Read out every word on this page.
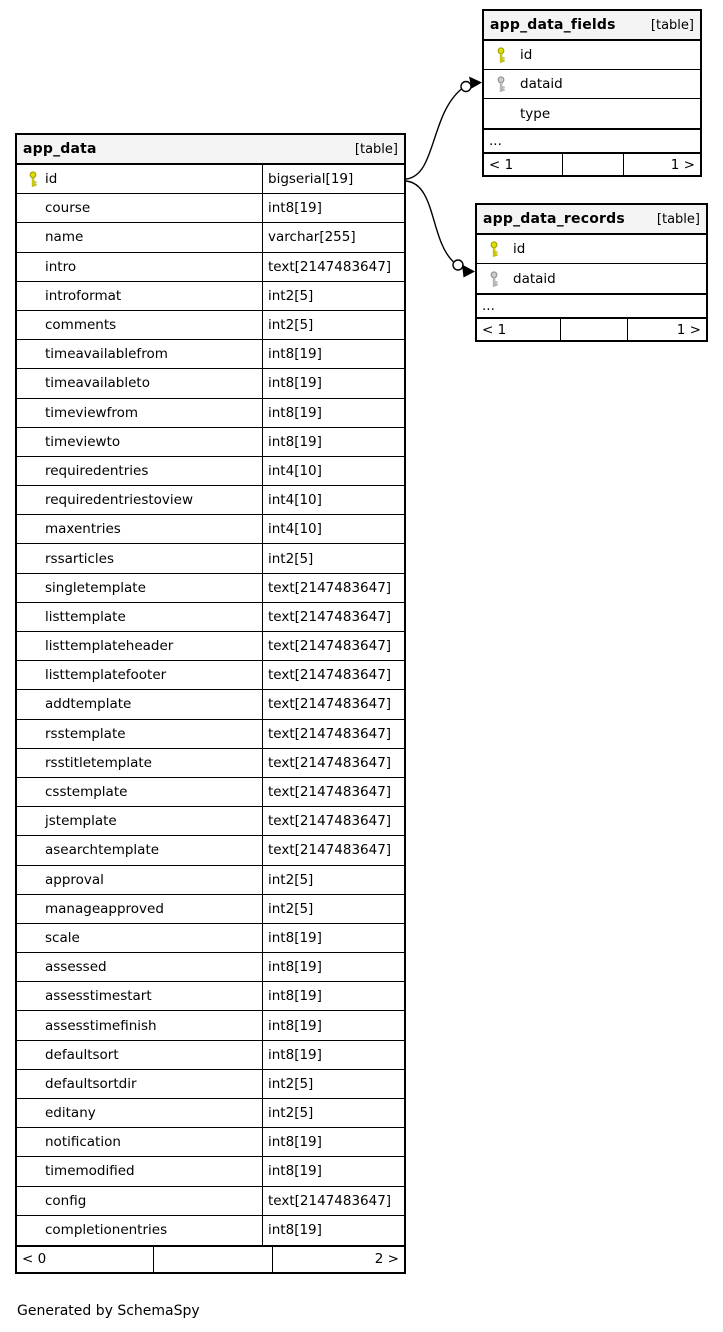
app_data	[table]
id	bigserial[19]
course	int8[19]
name	varchar[255]
intro	text[2147483647]
introformat	int2[5]
comments	int2[5]
timeavailablefrom	int8[19]
timeavailableto	int8[19]
timeviewfrom	int8[19]
timeviewto	int8[19]
requiredentries	int4[10]
requiredentriestoview	int4[10]
maxentries	int4[10]
rssarticles	int2[5]
singletemplate	text[2147483647]
listtemplate	text[2147483647]
listtemplateheader	text[2147483647]
listtemplatefooter	text[2147483647]
addtemplate	text[2147483647]
rsstemplate	text[2147483647]
rsstitletemplate	text[2147483647]
csstemplate	text[2147483647]
jstemplate	text[2147483647]
asearchtemplate	text[2147483647]
approval	int2[5]
manageapproved	int2[5]
scale	int8[19]
assessed	int8[19]
assesstimestart	int8[19]
assesstimefinish	int8[19]
defaultsort	int8[19]
defaultsortdir	int2[5]
editany	int2[5]
notification	int8[19]
timemodified	int8[19]
config	text[2147483647]
completionentries	int8[19]
< 0	2 >
app_data_fields	[table]
id
dataid
type
...
< 1	1 >
app_data_records [table]
id
dataid
...
< 1	1 >
Generated by SchemaSpy
